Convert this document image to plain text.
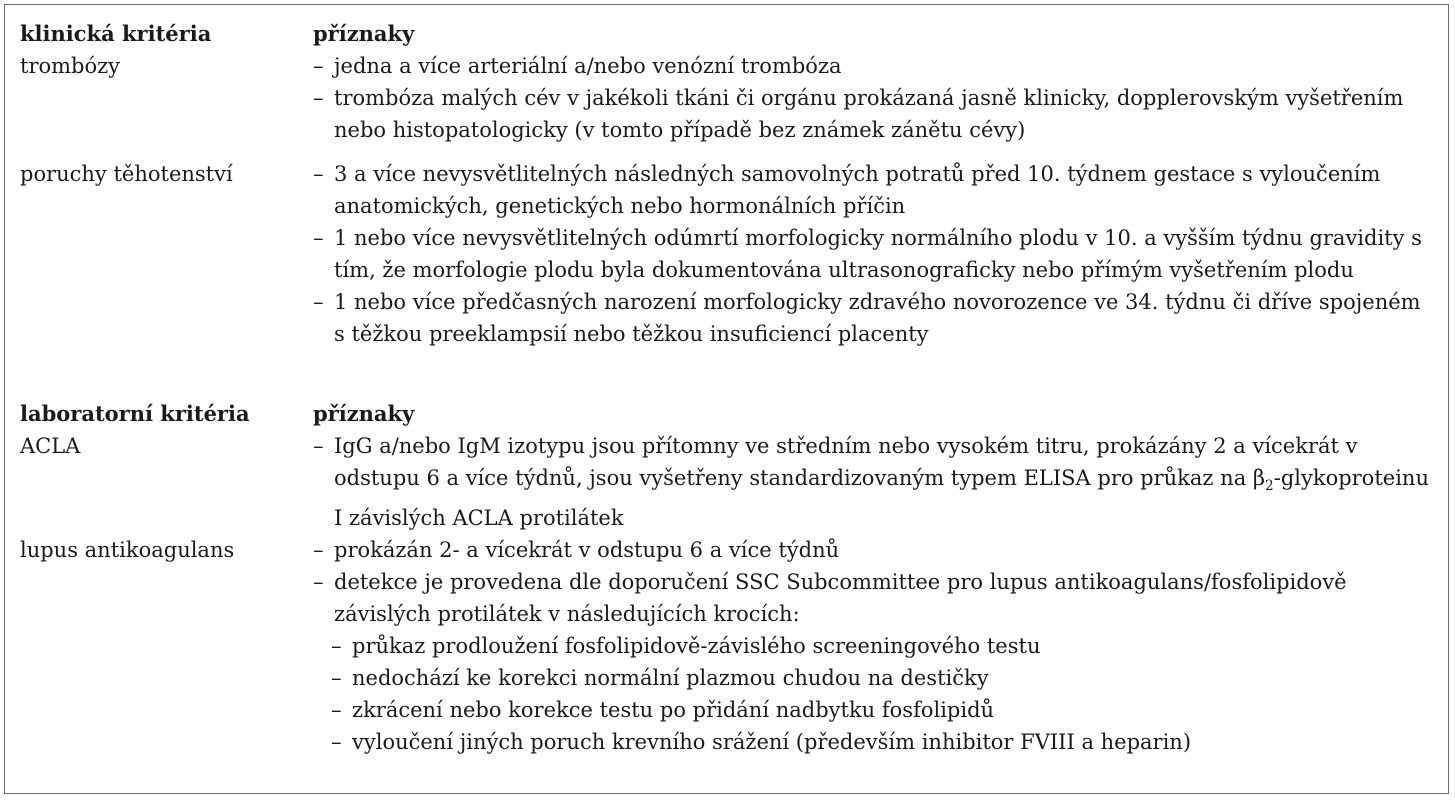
klinická kritéria	příznaky
trombózy	– jedna a více arteriální a/nebo venózní trombóza
– trombóza malých cév v jakékoli tkáni či orgánu prokázaná jasně klinicky, dopplerovským vyšetřením nebo histopatologicky (v tomto případě bez známek zánětu cévy)
poruchy těhotenství	– 3 a více nevysvětlitelných následných samovolných potratů před 10. týdnem gestace s vyloučením anatomických, genetických nebo hormonálních příčin
– 1 nebo více nevysvětlitelných odúmrtí morfologicky normálního plodu v 10. a vyšším týdnu gravidity s tím, že morfologie plodu byla dokumentována ultrasonograficky nebo přímým vyšetřením plodu
– 1 nebo více předčasných narození morfologicky zdravého novorozence ve 34. týdnu či dříve spojeném s těžkou preeklampsií nebo těžkou insuficiencí placenty
laboratorní kritéria	příznaky
ACLA	– IgG a/nebo IgM izotypu jsou přítomny ve středním nebo vysokém titru, prokázány 2 a vícekrát v odstupu 6 a více týdnů, jsou vyšetřeny standardizovaným typem ELISA pro průkaz na $\beta_2$-glykoproteinu I závislých ACLA protilátek
lupus antikoagulans	– prokázán 2- a vícekrát v odstupu 6 a více týdnů
– detekce je provedena dle doporučení SSC Subcommittee pro lupus antikoagulans/fosfolipidově závislých protilátek v následujících krocích:
– průkaz prodloužení fosfolipidově-závislého screeningového testu
– nedochází ke korekci normální plazmou chudou na destičky
– zkrácení nebo korekce testu po přidání nadbytku fosfolipidů
– vyloučení jiných poruch krevního srážení (především inhibitor FVIII a heparin)
